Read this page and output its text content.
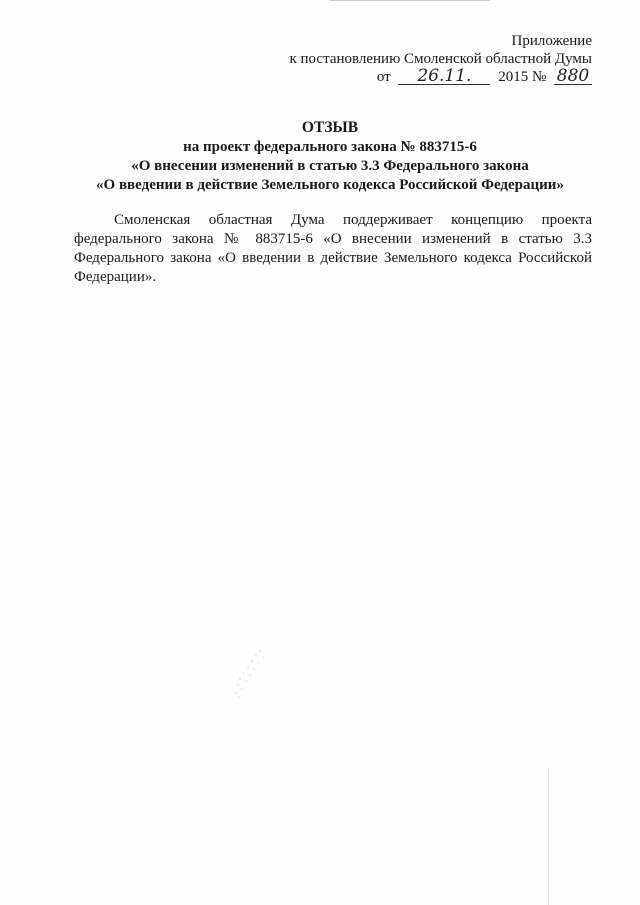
Приложение
к постановлению Смоленской областной Думы
от 26.11. 2015 № 880
ОТЗЫВ
на проект федерального закона № 883715-6
«О внесении изменений в статью 3.3 Федерального закона
«О введении в действие Земельного кодекса Российской Федерации»
Смоленская областная Дума поддерживает концепцию проекта федерального закона № 883715-6 «О внесении изменений в статью 3.3 Федерального закона «О введении в действие Земельного кодекса Российской Федерации».
